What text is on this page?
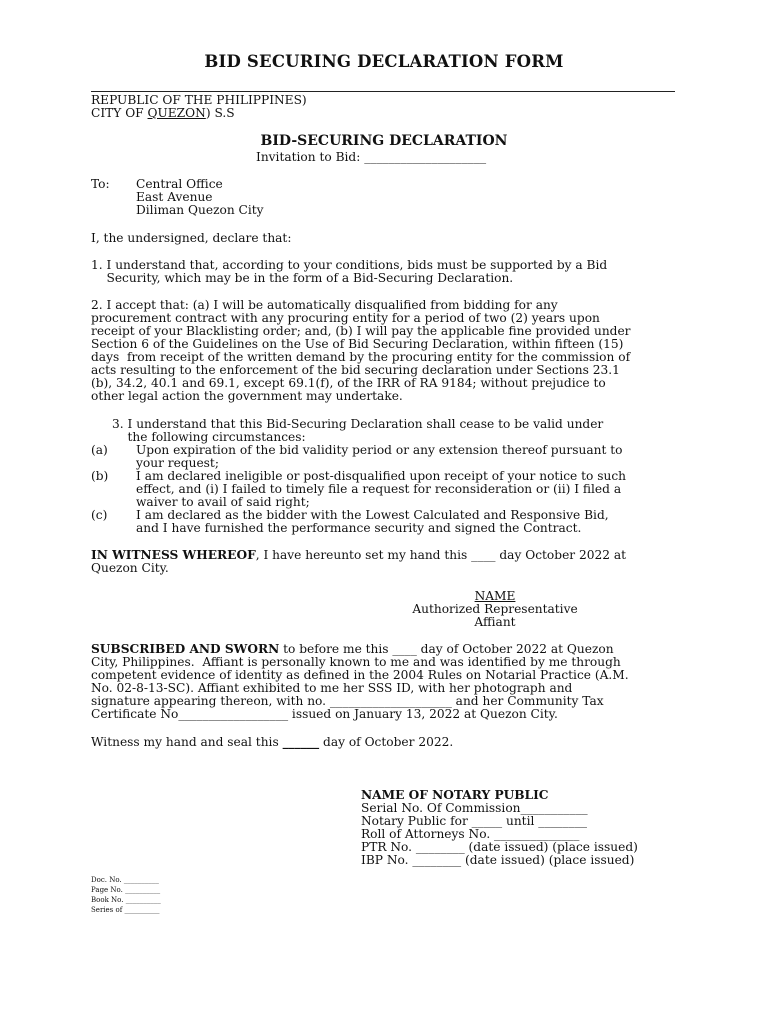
BID SECURING DECLARATION FORM
REPUBLIC OF THE PHILIPPINES)
CITY OF QUEZON) S.S
BID-SECURING DECLARATION
Invitation to Bid: ____________________
To: Central Office
East Avenue
Diliman Quezon City
I, the undersigned, declare that:
1. I understand that, according to your conditions, bids must be supported by a Bid
Security, which may be in the form of a Bid-Securing Declaration.
2. I accept that: (a) I will be automatically disqualified from bidding for any
procurement contract with any procuring entity for a period of two (2) years upon
receipt of your Blacklisting order; and, (b) I will pay the applicable fine provided under
Section 6 of the Guidelines on the Use of Bid Securing Declaration, within fifteen (15)
days  from receipt of the written demand by the procuring entity for the commission of
acts resulting to the enforcement of the bid securing declaration under Sections 23.1
(b), 34.2, 40.1 and 69.1, except 69.1(f), of the IRR of RA 9184; without prejudice to
other legal action the government may undertake.
3. I understand that this Bid-Securing Declaration shall cease to be valid under
the following circumstances:
(a) Upon expiration of the bid validity period or any extension thereof pursuant to
your request;
(b) I am declared ineligible or post-disqualified upon receipt of your notice to such
effect, and (i) I failed to timely file a request for reconsideration or (ii) I filed a
waiver to avail of said right;
(c) I am declared as the bidder with the Lowest Calculated and Responsive Bid,
and I have furnished the performance security and signed the Contract.
IN WITNESS WHEREOF, I have hereunto set my hand this ____ day October 2022 at
Quezon City.
NAME
Authorized Representative
Affiant
SUBSCRIBED AND SWORN to before me this ____ day of October 2022 at Quezon
City, Philippines.  Affiant is personally known to me and was identified by me through
competent evidence of identity as defined in the 2004 Rules on Notarial Practice (A.M.
No. 02-8-13-SC). Affiant exhibited to me her SSS ID, with her photograph and
signature appearing thereon, with no. ____________________ and her Community Tax
Certificate No__________________ issued on January 13, 2022 at Quezon City.
Witness my hand and seal this ______ day of October 2022.
NAME OF NOTARY PUBLIC
Serial No. Of Commission___________
Notary Public for _____ until ________
Roll of Attorneys No. ______________
PTR No. ________ (date issued) (place issued)
IBP No. ________ (date issued) (place issued)
Doc. No. __________
Page No. __________
Book No. __________
Series of __________
